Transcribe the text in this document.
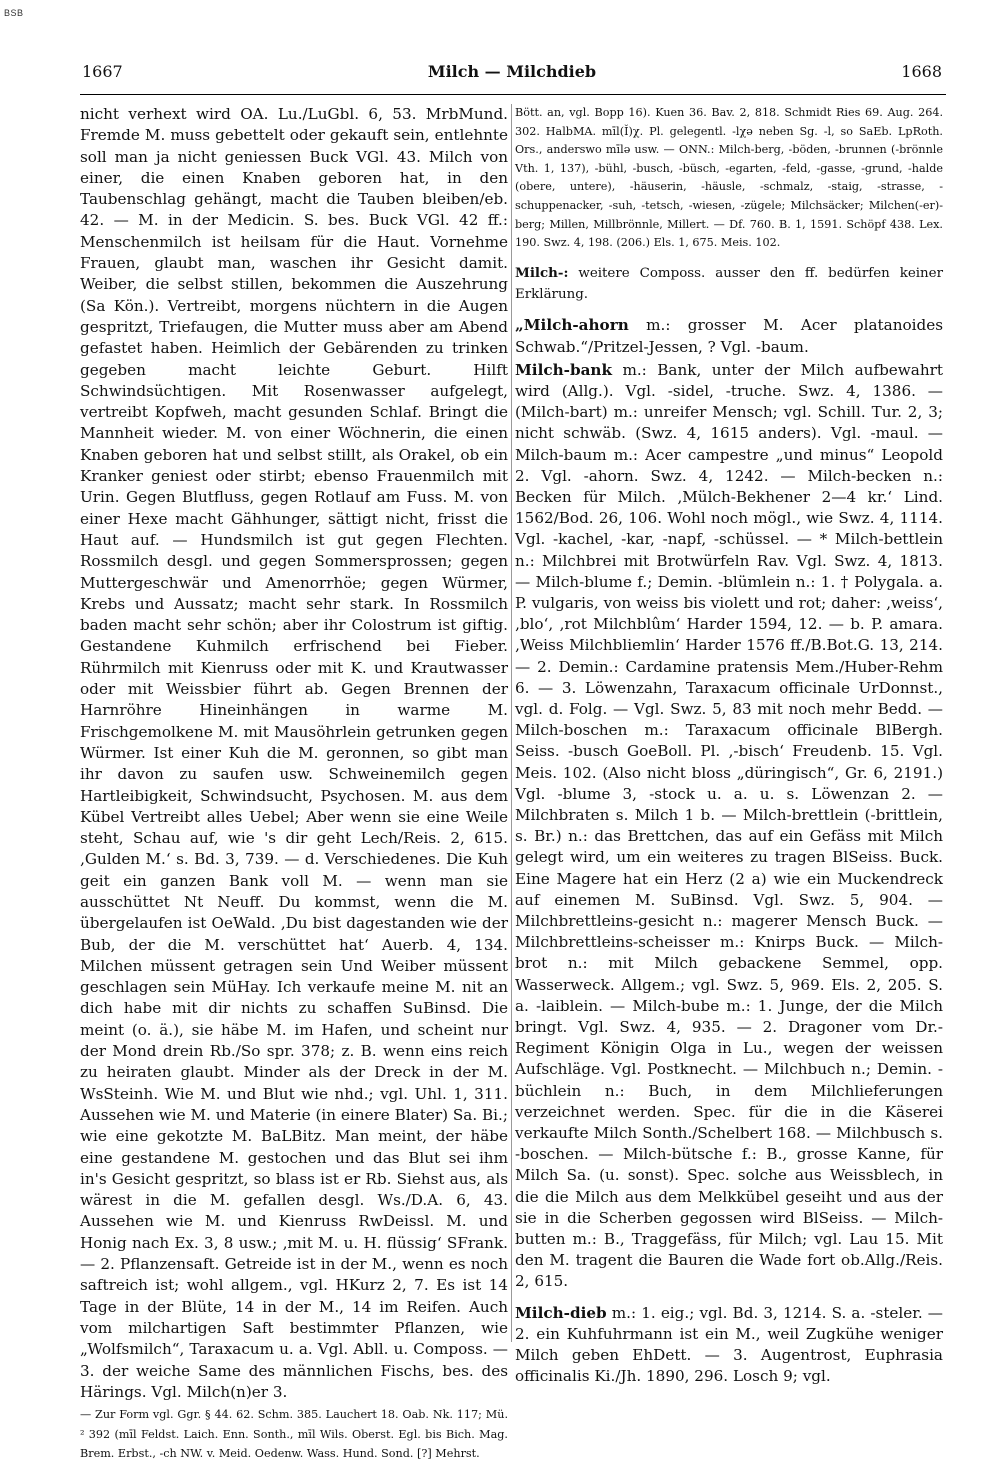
BSB
1667	Milch — Milchdieb	1668

nicht verhext wird OA. Lu./LuGbl. 6, 53. MrbMund. Fremde M. muss gebettelt oder gekauft sein, entlehnte soll man ja nicht geniessen Buck VGl. 43. Milch von einer, die einen Knaben geboren hat, in den Taubenschlag gehängt, macht die Tauben bleiben/eb. 42. — M. in der Medicin. S. bes. Buck VGl. 42 ff.: Menschenmilch ist heilsam für die Haut. Vornehme Frauen, glaubt man, waschen ihr Gesicht damit. Weiber, die selbst stillen, bekommen die Auszehrung (Sa Kön.). Vertreibt, morgens nüchtern in die Augen gespritzt, Triefaugen, die Mutter muss aber am Abend gefastet haben. Heimlich der Gebärenden zu trinken gegeben macht leichte Geburt. Hilft Schwindsüchtigen. Mit Rosenwasser aufgelegt, vertreibt Kopfweh, macht gesunden Schlaf. Bringt die Mannheit wieder. M. von einer Wöchnerin, die einen Knaben geboren hat und selbst stillt, als Orakel, ob ein Kranker geniest oder stirbt; ebenso Frauenmilch mit Urin. Gegen Blutfluss, gegen Rotlauf am Fuss. M. von einer Hexe macht Gähhunger, sättigt nicht, frisst die Haut auf. — Hundsmilch ist gut gegen Flechten. Rossmilch desgl. und gegen Sommersprossen; gegen Muttergeschwär und Amenorrhöe; gegen Würmer, Krebs und Aussatz; macht sehr stark. In Rossmilch baden macht sehr schön; aber ihr Colostrum ist giftig. Gestandene Kuhmilch erfrischend bei Fieber. Rührmilch mit Kienruss oder mit K. und Krautwasser oder mit Weissbier führt ab. Gegen Brennen der Harnröhre Hineinhängen in warme M. Frischgemolkene M. mit Mausöhrlein getrunken gegen Würmer. Ist einer Kuh die M. geronnen, so gibt man ihr davon zu saufen usw. Schweinemilch gegen Hartleibigkeit, Schwindsucht, Psychosen. M. aus dem Kübel Vertreibt alles Uebel; Aber wenn sie eine Weile steht, Schau auf, wie 's dir geht Lech/Reis. 2, 615. ‚Gulden M.‘ s. Bd. 3, 739. — d. Verschiedenes. Die Kuh geit ein ganzen Bank voll M. — wenn man sie ausschüttet Nt Neuff. Du kommst, wenn die M. übergelaufen ist OeWald. ‚Du bist dagestanden wie der Bub, der die M. verschüttet hat‘ Auerb. 4, 134. Milchen müssent getragen sein Und Weiber müssent geschlagen sein MüHay. Ich verkaufe meine M. nit an dich habe mit dir nichts zu schaffen SuBinsd. Die meint (o. ä.), sie häbe M. im Hafen, und scheint nur der Mond drein Rb./So spr. 378; z. B. wenn eins reich zu heiraten glaubt. Minder als der Dreck in der M. WsSteinh. Wie M. und Blut wie nhd.; vgl. Uhl. 1, 311. Aussehen wie M. und Materie (in einere Blater) Sa. Bi.; wie eine gekotzte M. BaLBitz. Man meint, der häbe eine gestandene M. gestochen und das Blut sei ihm in's Gesicht gespritzt, so blass ist er Rb. Siehst aus, als wärest in die M. gefallen desgl. Ws./D.A. 6, 43. Aussehen wie M. und Kienruss RwDeissl. M. und Honig nach Ex. 3, 8 usw.; ‚mit M. u. H. flüssig‘ SFrank. — 2. Pflanzensaft. Getreide ist in der M., wenn es noch saftreich ist; wohl allgem., vgl. HKurz 2, 7. Es ist 14 Tage in der Blüte, 14 in der M., 14 im Reifen. Auch vom milchartigen Saft bestimmter Pflanzen, wie „Wolfsmilch“, Taraxacum u. a. Vgl. Abll. u. Composs. — 3. der weiche Same des männlichen Fischs, bes. des Härings. Vgl. Milch(n)er 3.

— Zur Form vgl. Ggr. § 44. 62. Schm. 385. Lauchert 18. Oab. Nk. 117; Mü. ² 392 (mīl Feldst. Laich. Enn. Sonth., mīl Wils. Oberst. Egl. bis Bich. Mag. Brem. Erbst., -ch NW. v. Meid. Oedenw. Wass. Hund. Sond. [?] Mehrst.

Bött. an, vgl. Bopp 16). Kuen 36. Bav. 2, 818. Schmidt Ries 69. Aug. 264. 302. HalbMA. mīl(Ĭ)χ. Pl. gelegentl. -lχə neben Sg. -l, so SaEb. LpRoth. Ors., anderswo mīlə usw. — ONN.: Milch-berg, -böden, -brunnen (-brönnle Vth. 1, 137), -bühl, -busch, -büsch, -egarten, -feld, -gasse, -grund, -halde (obere, untere), -häuserin, -häusle, -schmalz, -staig, -strasse, -schuppenacker, -suh, -tetsch, -wiesen, -zügele; Milchsäcker; Milchen(-er)-berg; Millen, Millbrönnle, Millert. — Df. 760. B. 1, 1591. Schöpf 438. Lex. 190. Swz. 4, 198. (206.) Els. 1, 675. Meis. 102.

Milch-: weitere Composs. ausser den ff. bedürfen keiner Erklärung.

„Milch-ahorn m.: grosser M. Acer platanoides Schwab.“/Pritzel-Jessen, ? Vgl. -baum.

Milch-bank m.: Bank, unter der Milch aufbewahrt wird (Allg.). Vgl. -sidel, -truche. Swz. 4, 1386. — (Milch-bart) m.: unreifer Mensch; vgl. Schill. Tur. 2, 3; nicht schwäb. (Swz. 4, 1615 anders). Vgl. -maul. — Milch-baum m.: Acer campestre „und minus“ Leopold 2. Vgl. -ahorn. Swz. 4, 1242. — Milch-becken n.: Becken für Milch. ‚Mülch-Bekhener 2—4 kr.‘ Lind. 1562/Bod. 26, 106. Wohl noch mögl., wie Swz. 4, 1114. Vgl. -kachel, -kar, -napf, -schüssel. — * Milch-bettlein n.: Milchbrei mit Brotwürfeln Rav. Vgl. Swz. 4, 1813. — Milch-blume f.; Demin. -blümlein n.: 1. † Polygala. a. P. vulgaris, von weiss bis violett und rot; daher: ‚weiss‘, ‚blo‘, ‚rot Milchblûm‘ Harder 1594, 12. — b. P. amara. ‚Weiss Milchbliemlin‘ Harder 1576 ff./B.Bot.G. 13, 214. — 2. Demin.: Cardamine pratensis Mem./Huber-Rehm 6. — 3. Löwenzahn, Taraxacum officinale UrDonnst., vgl. d. Folg. — Vgl. Swz. 5, 83 mit noch mehr Bedd. — Milch-boschen m.: Taraxacum officinale BlBergh. Seiss. -busch GoeBoll. Pl. ‚-bisch‘ Freudenb. 15. Vgl. Meis. 102. (Also nicht bloss „düringisch“, Gr. 6, 2191.) Vgl. -blume 3, -stock u. a. u. s. Löwenzan 2. — Milchbraten s. Milch 1 b. — Milch-brettlein (-brittlein, s. Br.) n.: das Brettchen, das auf ein Gefäss mit Milch gelegt wird, um ein weiteres zu tragen BlSeiss. Buck. Eine Magere hat ein Herz (2 a) wie ein Muckendreck auf einemen M. SuBinsd. Vgl. Swz. 5, 904. — Milchbrettleins-gesicht n.: magerer Mensch Buck. — Milchbrettleins-scheisser m.: Knirps Buck. — Milch-brot n.: mit Milch gebackene Semmel, opp. Wasserweck. Allgem.; vgl. Swz. 5, 969. Els. 2, 205. S. a. -laiblein. — Milch-bube m.: 1. Junge, der die Milch bringt. Vgl. Swz. 4, 935. — 2. Dragoner vom Dr.-Regiment Königin Olga in Lu., wegen der weissen Aufschläge. Vgl. Postknecht. — Milchbuch n.; Demin. -büchlein n.: Buch, in dem Milchlieferungen verzeichnet werden. Spec. für die in die Käserei verkaufte Milch Sonth./Schelbert 168. — Milchbusch s. -boschen. — Milch-bütsche f.: B., grosse Kanne, für Milch Sa. (u. sonst). Spec. solche aus Weissblech, in die die Milch aus dem Melkkübel geseiht und aus der sie in die Scherben gegossen wird BlSeiss. — Milch-butten m.: B., Traggefäss, für Milch; vgl. Lau 15. Mit den M. tragent die Bauren die Wade fort ob.Allg./Reis. 2, 615.

Milch-dieb m.: 1. eig.; vgl. Bd. 3, 1214. S. a. -steler. — 2. ein Kuhfuhrmann ist ein M., weil Zugkühe weniger Milch geben EhDett. — 3. Augentrost, Euphrasia officinalis Ki./Jh. 1890, 296. Losch 9; vgl.
